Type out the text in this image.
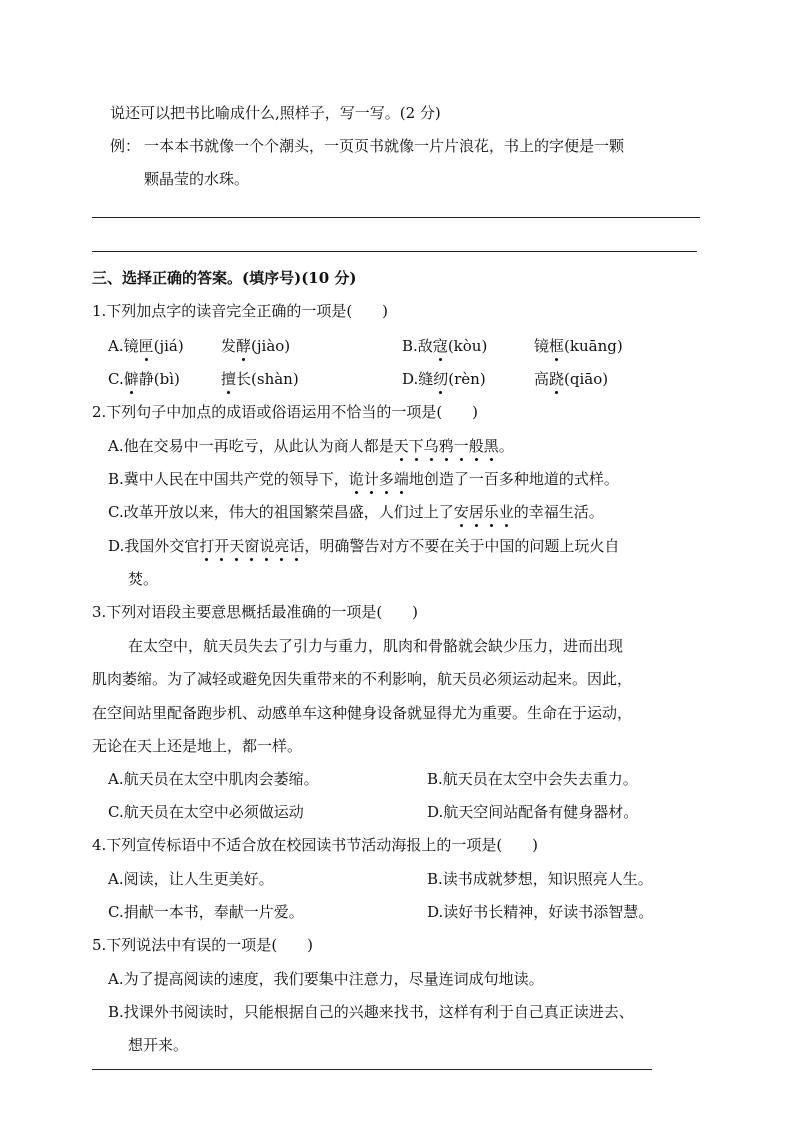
说还可以把书比喻成什么,照样子，写一写。(2 分)
例： 一本本书就像一个个潮头，一页页书就像一片片浪花，书上的字便是一颗
颗晶莹的水珠。
三、选择正确的答案。(填序号)(10 分)
1.下列加点字的读音完全正确的一项是( )
A.镜匣(jiá) 发酵(jiào)	B.敌寇(kòu)	镜框(kuāng)
C.僻静(bì)	擅长(shàn)	D.缝纫(rèn)	高跷(qiāo)
2.下列句子中加点的成语或俗语运用不恰当的一项是( )
A.他在交易中一再吃亏，从此认为商人都是天下乌鸦一般黑。
B.冀中人民在中国共产党的领导下，诡计多端地创造了一百多种地道的式样。
C.改革开放以来，伟大的祖国繁荣昌盛，人们过上了安居乐业的幸福生活。
D.我国外交官打开天窗说亮话，明确警告对方不要在关于中国的问题上玩火自
焚。
3.下列对语段主要意思概括最准确的一项是( )
在太空中，航天员失去了引力与重力，肌肉和骨骼就会缺少压力，进而出现
肌肉萎缩。为了减轻或避免因失重带来的不利影响，航天员必须运动起来。因此，
在空间站里配备跑步机、动感单车这种健身设备就显得尤为重要。生命在于运动，
无论在天上还是地上，都一样。
A.航天员在太空中肌肉会萎缩。	B.航天员在太空中会失去重力。
C.航天员在太空中必须做运动	D.航天空间站配备有健身器材。
4.下列宣传标语中不适合放在校园读书节活动海报上的一项是( )
A.阅读，让人生更美好。	B.读书成就梦想，知识照亮人生。
C.捐献一本书，奉献一片爱。	D.读好书长精神，好读书添智慧。
5.下列说法中有误的一项是( )
A.为了提高阅读的速度，我们要集中注意力，尽量连词成句地读。
B.找课外书阅读时，只能根据自己的兴趣来找书，这样有利于自己真正读进去、
想开来。
